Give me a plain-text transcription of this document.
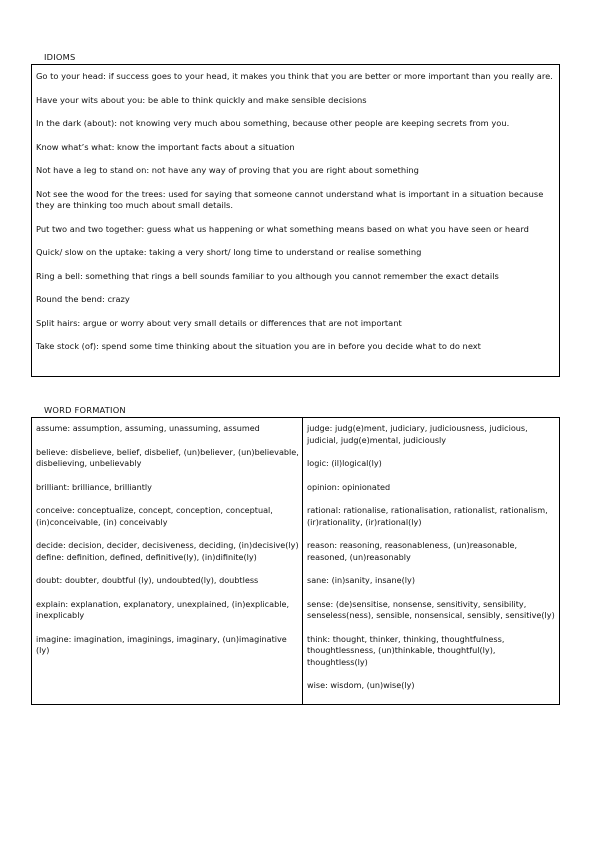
IDIOMS

Go to your head: if success goes to your head, it makes you think that you are better or more important than you really are.

Have your wits about you: be able to think quickly and make sensible decisions

In the dark (about): not knowing very much abou something, because other people are keeping secrets from you.

Know what’s what: know the important facts about a situation

Not have a leg to stand on: not have any way of proving that you are right about something

Not see the wood for the trees: used for saying that someone cannot understand what is important in a situation because they are thinking too much about small details.

Put two and two together: guess what us happening or what something means based on what you have seen or heard

Quick/ slow on the uptake: taking a very short/ long time to understand or realise something

Ring a bell: something that rings a bell sounds familiar to you although you cannot remember the exact details

Round the bend: crazy

Split hairs: argue or worry about very small details or differences that are not important

Take stock (of): spend some time thinking about the situation you are in before you decide what to do next

WORD FORMATION

assume: assumption, assuming, unassuming, assumed

believe: disbelieve, belief, disbelief, (un)believer, (un)believable, disbelieving, unbelievably

brilliant: brilliance, brilliantly

conceive: conceptualize, concept, conception, conceptual, (in)conceivable, (in) conceivably

decide: decision, decider, decisiveness, deciding, (in)decisive(ly)

define: definition, defined, definitive(ly), (in)difinite(ly)

doubt: doubter, doubtful (ly), undoubted(ly), doubtless

explain: explanation, explanatory, unexplained, (in)explicable, inexplicably

imagine: imagination, imaginings, imaginary, (un)imaginative (ly)

judge: judg(e)ment, judiciary, judiciousness, judicious, judicial, judg(e)mental, judiciously

logic: (il)logical(ly)

opinion: opinionated

rational: rationalise, rationalisation, rationalist, rationalism, (ir)rationality, (ir)rational(ly)

reason: reasoning, reasonableness, (un)reasonable, reasoned, (un)reasonably

sane: (in)sanity, insane(ly)

sense: (de)sensitise, nonsense, sensitivity, sensibility, senseless(ness), sensible, nonsensical, sensibly, sensitive(ly)

think: thought, thinker, thinking, thoughtfulness, thoughtlessness, (un)thinkable, thoughtful(ly), thoughtless(ly)

wise: wisdom, (un)wise(ly)
